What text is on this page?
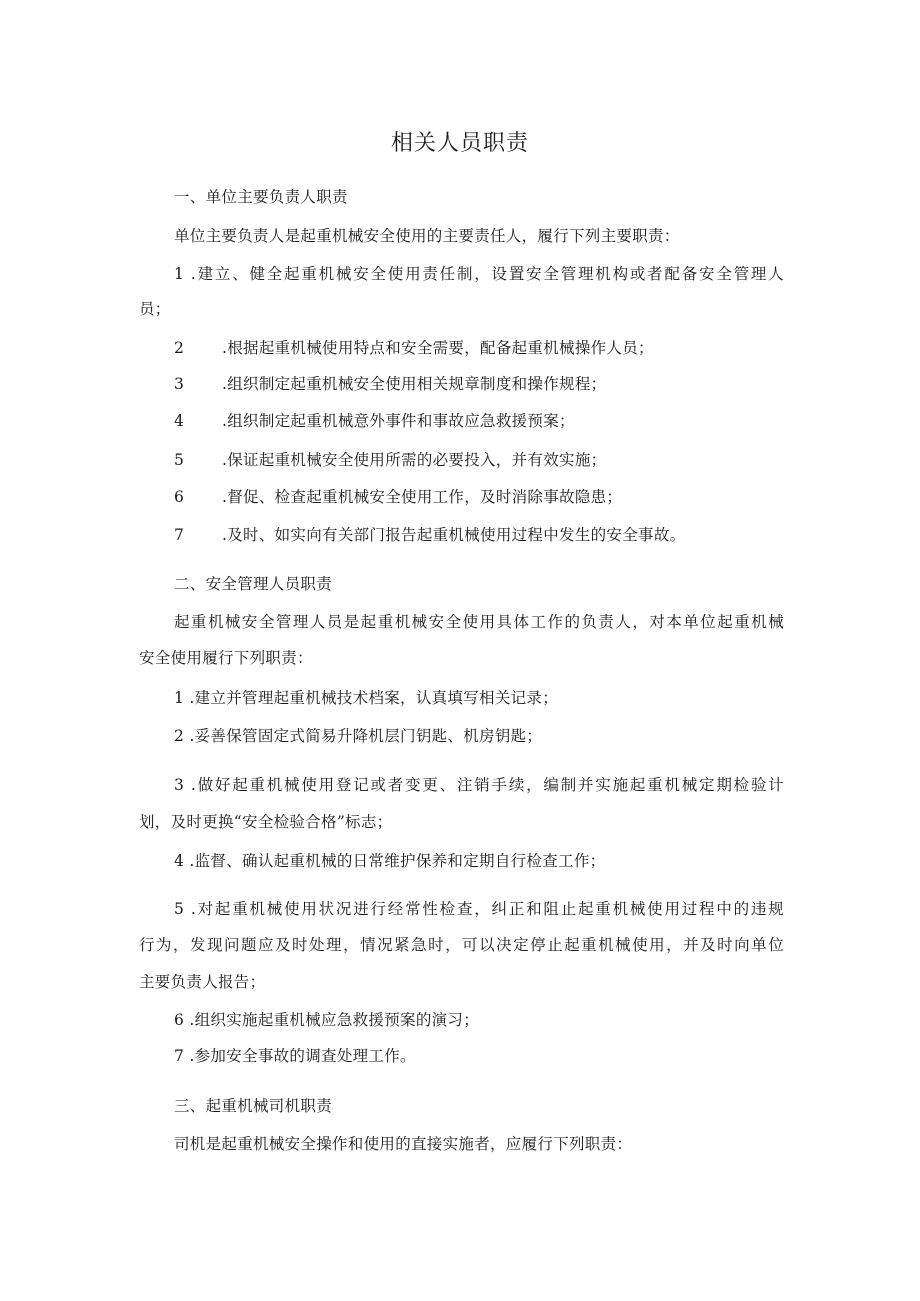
相关人员职责
一、单位主要负责人职责
单位主要负责人是起重机械安全使用的主要责任人，履行下列主要职责：
1 .建立、健全起重机械安全使用责任制，设置安全管理机构或者配备安全管理人
员；
2 .根据起重机械使用特点和安全需要，配备起重机械操作人员；
3 .组织制定起重机械安全使用相关规章制度和操作规程；
4 .组织制定起重机械意外事件和事故应急救援预案；
5 .保证起重机械安全使用所需的必要投入，并有效实施；
6 .督促、检查起重机械安全使用工作，及时消除事故隐患；
7 .及时、如实向有关部门报告起重机械使用过程中发生的安全事故。
二、安全管理人员职责
起重机械安全管理人员是起重机械安全使用具体工作的负责人，对本单位起重机械
安全使用履行下列职责：
1 .建立并管理起重机械技术档案，认真填写相关记录；
2 .妥善保管固定式简易升降机层门钥匙、机房钥匙；
3 .做好起重机械使用登记或者变更、注销手续，编制并实施起重机械定期检验计
划，及时更换“安全检验合格”标志；
4 .监督、确认起重机械的日常维护保养和定期自行检查工作；
5 .对起重机械使用状况进行经常性检查，纠正和阻止起重机械使用过程中的违规
行为，发现问题应及时处理，情况紧急时，可以决定停止起重机械使用，并及时向单位
主要负责人报告；
6 .组织实施起重机械应急救援预案的演习；
7 .参加安全事故的调查处理工作。
三、起重机械司机职责
司机是起重机械安全操作和使用的直接实施者，应履行下列职责：
